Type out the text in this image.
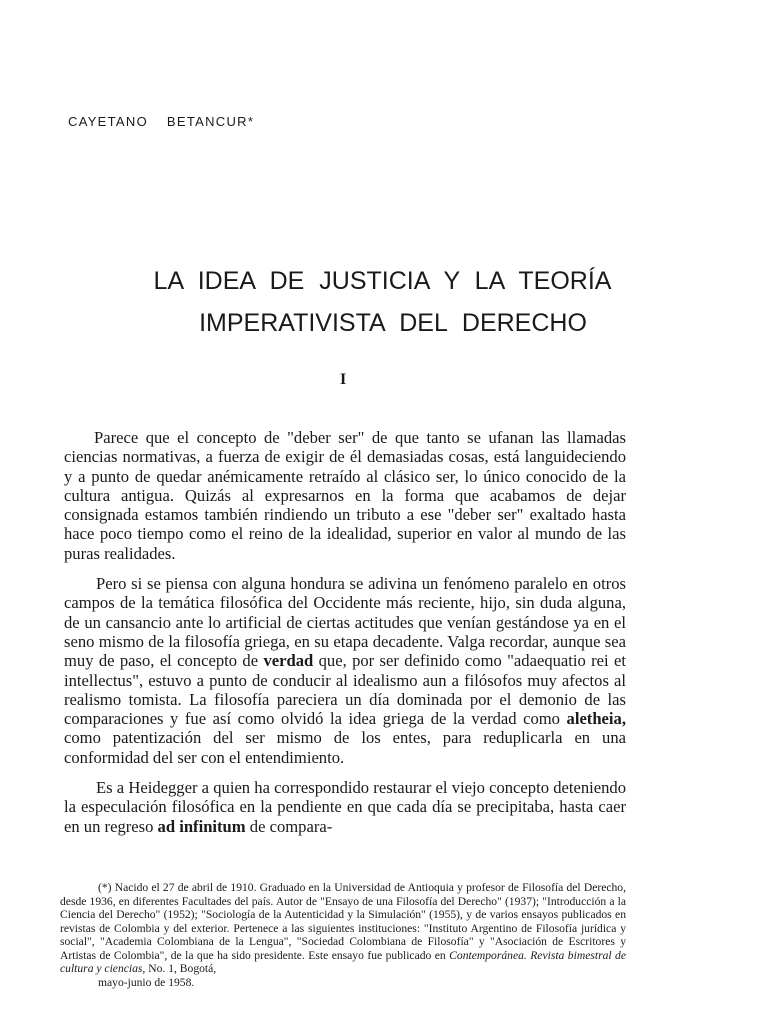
CAYETANO BETANCUR*
LA IDEA DE JUSTICIA Y LA TEORÍA
IMPERATIVISTA DEL DERECHO
I

Parece que el concepto de "deber ser" de que tanto se ufanan las llamadas ciencias normativas, a fuerza de exigir de él demasiadas cosas, está languideciendo y a punto de quedar anémicamente retraído al clásico ser, lo único conocido de la cultura antigua. Quizás al expresarnos en la forma que acabamos de dejar consignada estamos también rindiendo un tributo a ese "deber ser" exaltado hasta hace poco tiempo como el reino de la idealidad, superior en valor al mundo de las puras realidades.

Pero si se piensa con alguna hondura se adivina un fenómeno paralelo en otros campos de la temática filosófica del Occidente más reciente, hijo, sin duda alguna, de un cansancio ante lo artificial de ciertas actitudes que venían gestándose ya en el seno mismo de la filosofía griega, en su etapa decadente. Valga recordar, aunque sea muy de paso, el concepto de verdad que, por ser definido como "adaequatio rei et intellectus", estuvo a punto de conducir al idealismo aun a filósofos muy afectos al realismo tomista. La filosofía pareciera un día dominada por el demonio de las comparaciones y fue así como olvidó la idea griega de la verdad como aletheia, como patentización del ser mismo de los entes, para reduplicarla en una conformidad del ser con el entendimiento.

Es a Heidegger a quien ha correspondido restaurar el viejo concepto deteniendo la especulación filosófica en la pendiente en que cada día se precipitaba, hasta caer en un regreso ad infinitum de compara-

(*) Nacido el 27 de abril de 1910. Graduado en la Universidad de Antioquia y profesor de Filosofía del Derecho, desde 1936, en diferentes Facultades del país. Autor de "Ensayo de una Filosofía del Derecho" (1937); "Introducción a la Ciencia del Derecho" (1952); "Sociología de la Autenticidad y la Simulación" (1955), y de varios ensayos publicados en revistas de Colombia y del exterior. Pertenece a las siguientes instituciones: "Instituto Argentino de Filosofía jurídica y social", "Academia Colombiana de la Lengua", "Sociedad Colombiana de Filosofía" y "Asociación de Escritores y Artistas de Colombia", de la que ha sido presidente. Este ensayo fue publicado en Contemporánea. Revista bimestral de cultura y ciencias, No. 1, Bogotá,
mayo-junio de 1958.
